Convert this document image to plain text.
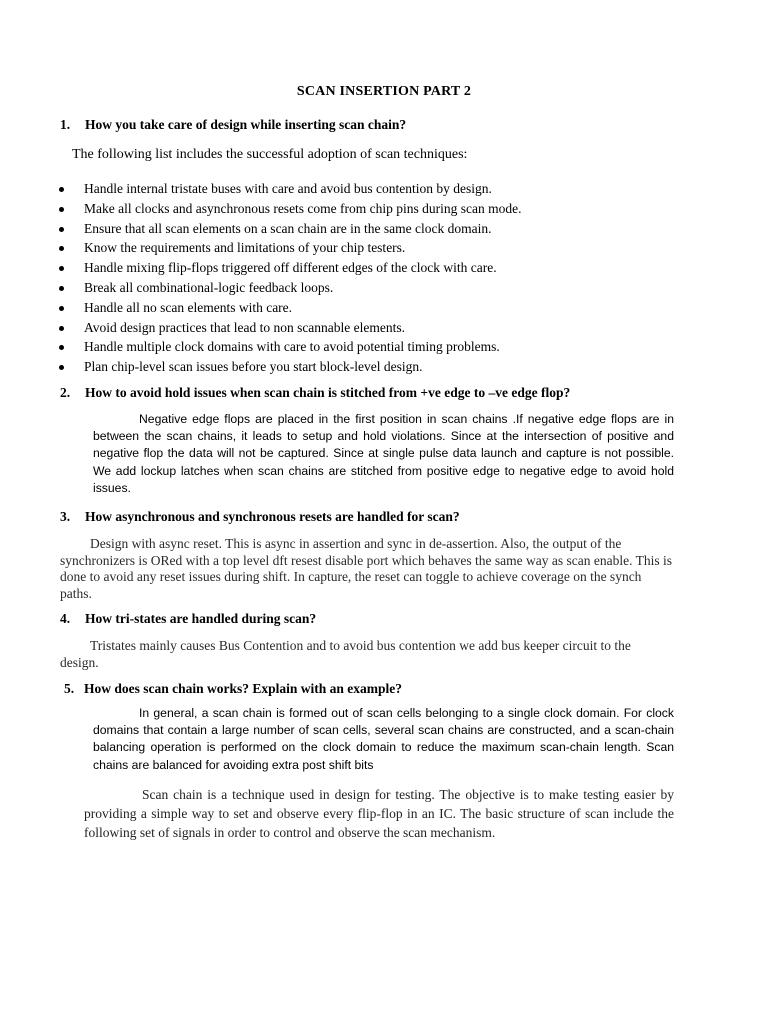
SCAN INSERTION PART 2
1. How you take care of design while inserting scan chain?
The following list includes the successful adoption of scan techniques:
Handle internal tristate buses with care and avoid bus contention by design.
Make all clocks and asynchronous resets come from chip pins during scan mode.
Ensure that all scan elements on a scan chain are in the same clock domain.
Know the requirements and limitations of your chip testers.
Handle mixing flip-flops triggered off different edges of the clock with care.
Break all combinational-logic feedback loops.
Handle all no scan elements with care.
Avoid design practices that lead to non scannable elements.
Handle multiple clock domains with care to avoid potential timing problems.
Plan chip-level scan issues before you start block-level design.
2. How to avoid hold issues when scan chain is stitched from +ve edge to –ve edge flop?

Negative edge flops are placed in the first position in scan chains .If negative edge flops are in between the scan chains, it leads to setup and hold violations. Since at the intersection of positive and negative flop the data will not be captured. Since at single pulse data launch and capture is not possible. We add lockup latches when scan chains are stitched from positive edge to negative edge to avoid hold issues.

3. How asynchronous and synchronous resets are handled for scan?

Design with async reset. This is async in assertion and sync in de-assertion. Also, the output of the synchronizers is ORed with a top level dft resest disable port which behaves the same way as scan enable. This is done to avoid any reset issues during shift. In capture, the reset can toggle to achieve coverage on the synch paths.

4. How tri-states are handled during scan?

Tristates mainly causes Bus Contention and to avoid bus contention we add bus keeper circuit to the design.

5. How does scan chain works? Explain with an example?

In general, a scan chain is formed out of scan cells belonging to a single clock domain. For clock domains that contain a large number of scan cells, several scan chains are constructed, and a scan-chain balancing operation is performed on the clock domain to reduce the maximum scan-chain length. Scan chains are balanced for avoiding extra post shift bits

Scan chain is a technique used in design for testing. The objective is to make testing easier by providing a simple way to set and observe every flip-flop in an IC. The basic structure of scan include the following set of signals in order to control and observe the scan mechanism.
